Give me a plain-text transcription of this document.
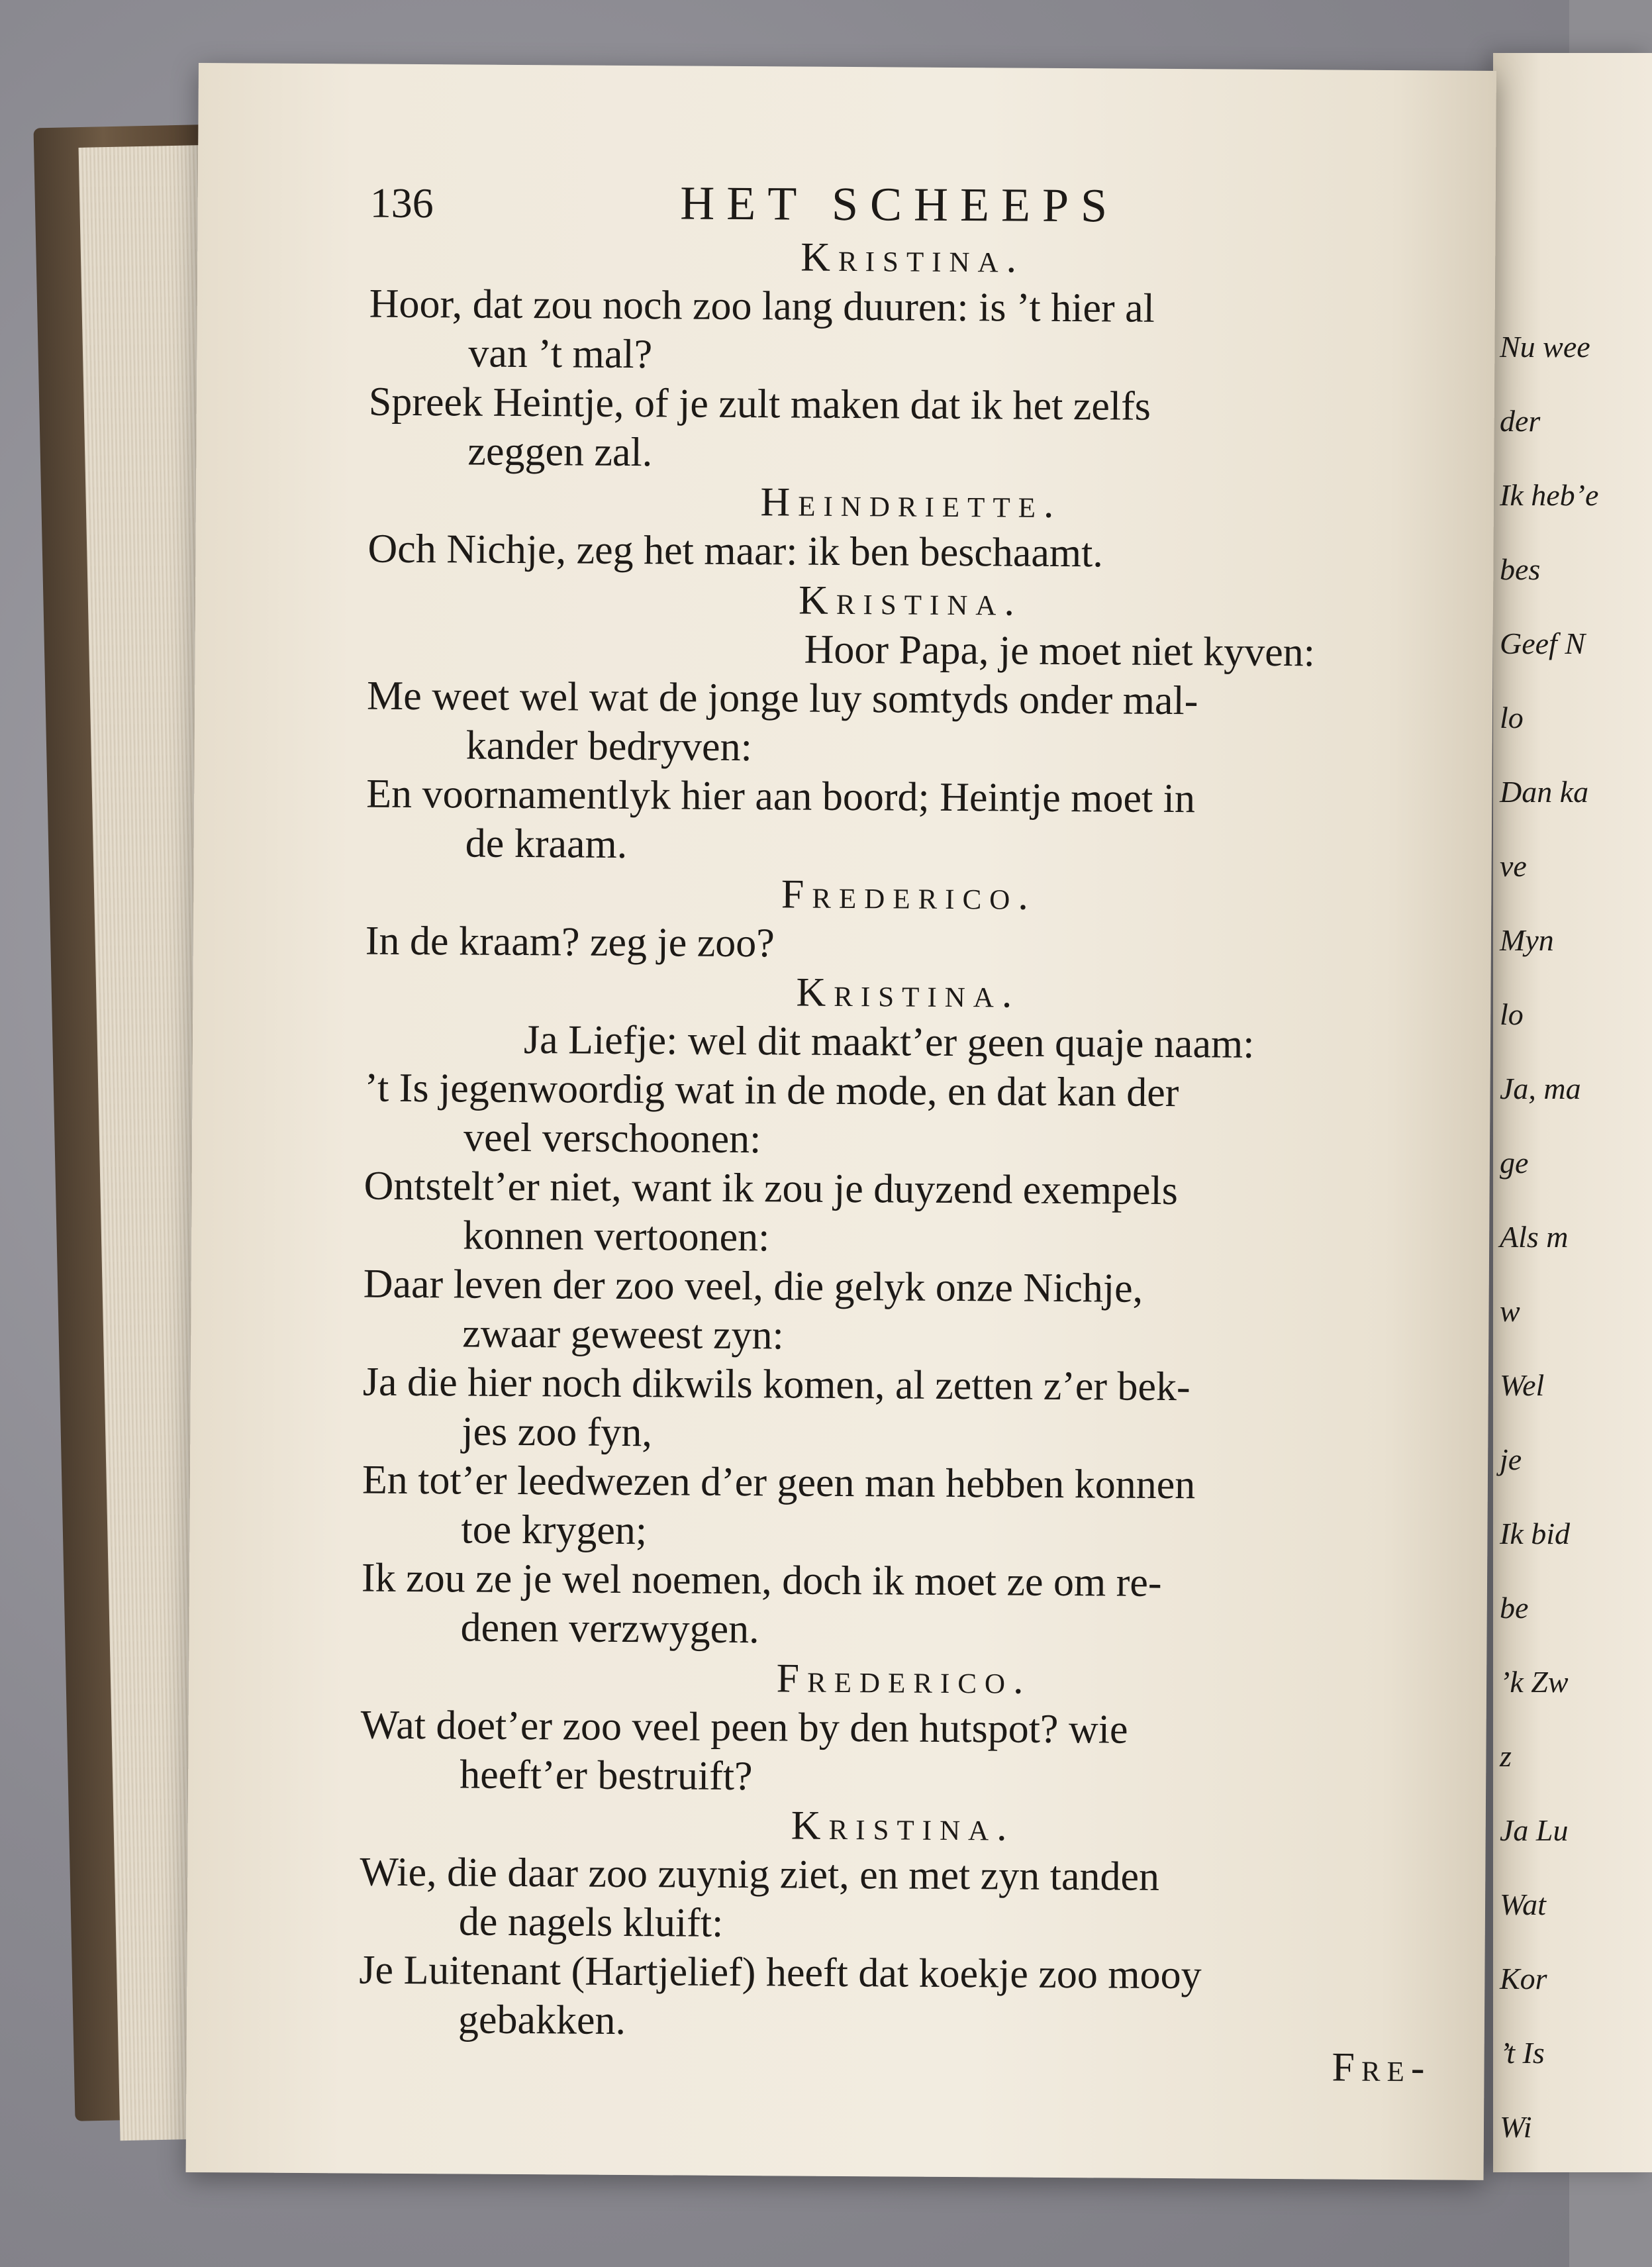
Nu wee
der
Ik heb’e
bes
Geef N
lo
Dan ka
ve
Myn
lo
Ja, ma
ge
Als m
w
Wel
je
Ik bid
be
’k Zw
z
Ja Lu
Wat
Kor
’t Is
Wi
136	HET SCHEEPS
Kristina.
Hoor, dat zou noch zoo lang duuren: is ’t hier al
van ’t mal?
Spreek Heintje, of je zult maken dat ik het zelfs
zeggen zal.
Heindriette.
Och Nichje, zeg het maar: ik ben beschaamt.
Kristina.
Hoor Papa, je moet niet kyven:
Me weet wel wat de jonge luy somtyds onder mal-
kander bedryven:
En voornamentlyk hier aan boord; Heintje moet in
de kraam.
Frederico.
In de kraam? zeg je zoo?
Kristina.
Ja Liefje: wel dit maakt’er geen quaje naam:
’t Is jegenwoordig wat in de mode, en dat kan der
veel verschoonen:
Ontstelt’er niet, want ik zou je duyzend exempels
konnen vertoonen:
Daar leven der zoo veel, die gelyk onze Nichje,
zwaar geweest zyn:
Ja die hier noch dikwils komen, al zetten z’er bek-
jes zoo fyn,
En tot’er leedwezen d’er geen man hebben konnen
toe krygen;
Ik zou ze je wel noemen, doch ik moet ze om re-
denen verzwygen.
Frederico.
Wat doet’er zoo veel peen by den hutspot? wie
heeft’er bestruift?
Kristina.
Wie, die daar zoo zuynig ziet, en met zyn tanden
de nagels kluift:
Je Luitenant (Hartjelief) heeft dat koekje zoo mooy
gebakken.
Fre-
